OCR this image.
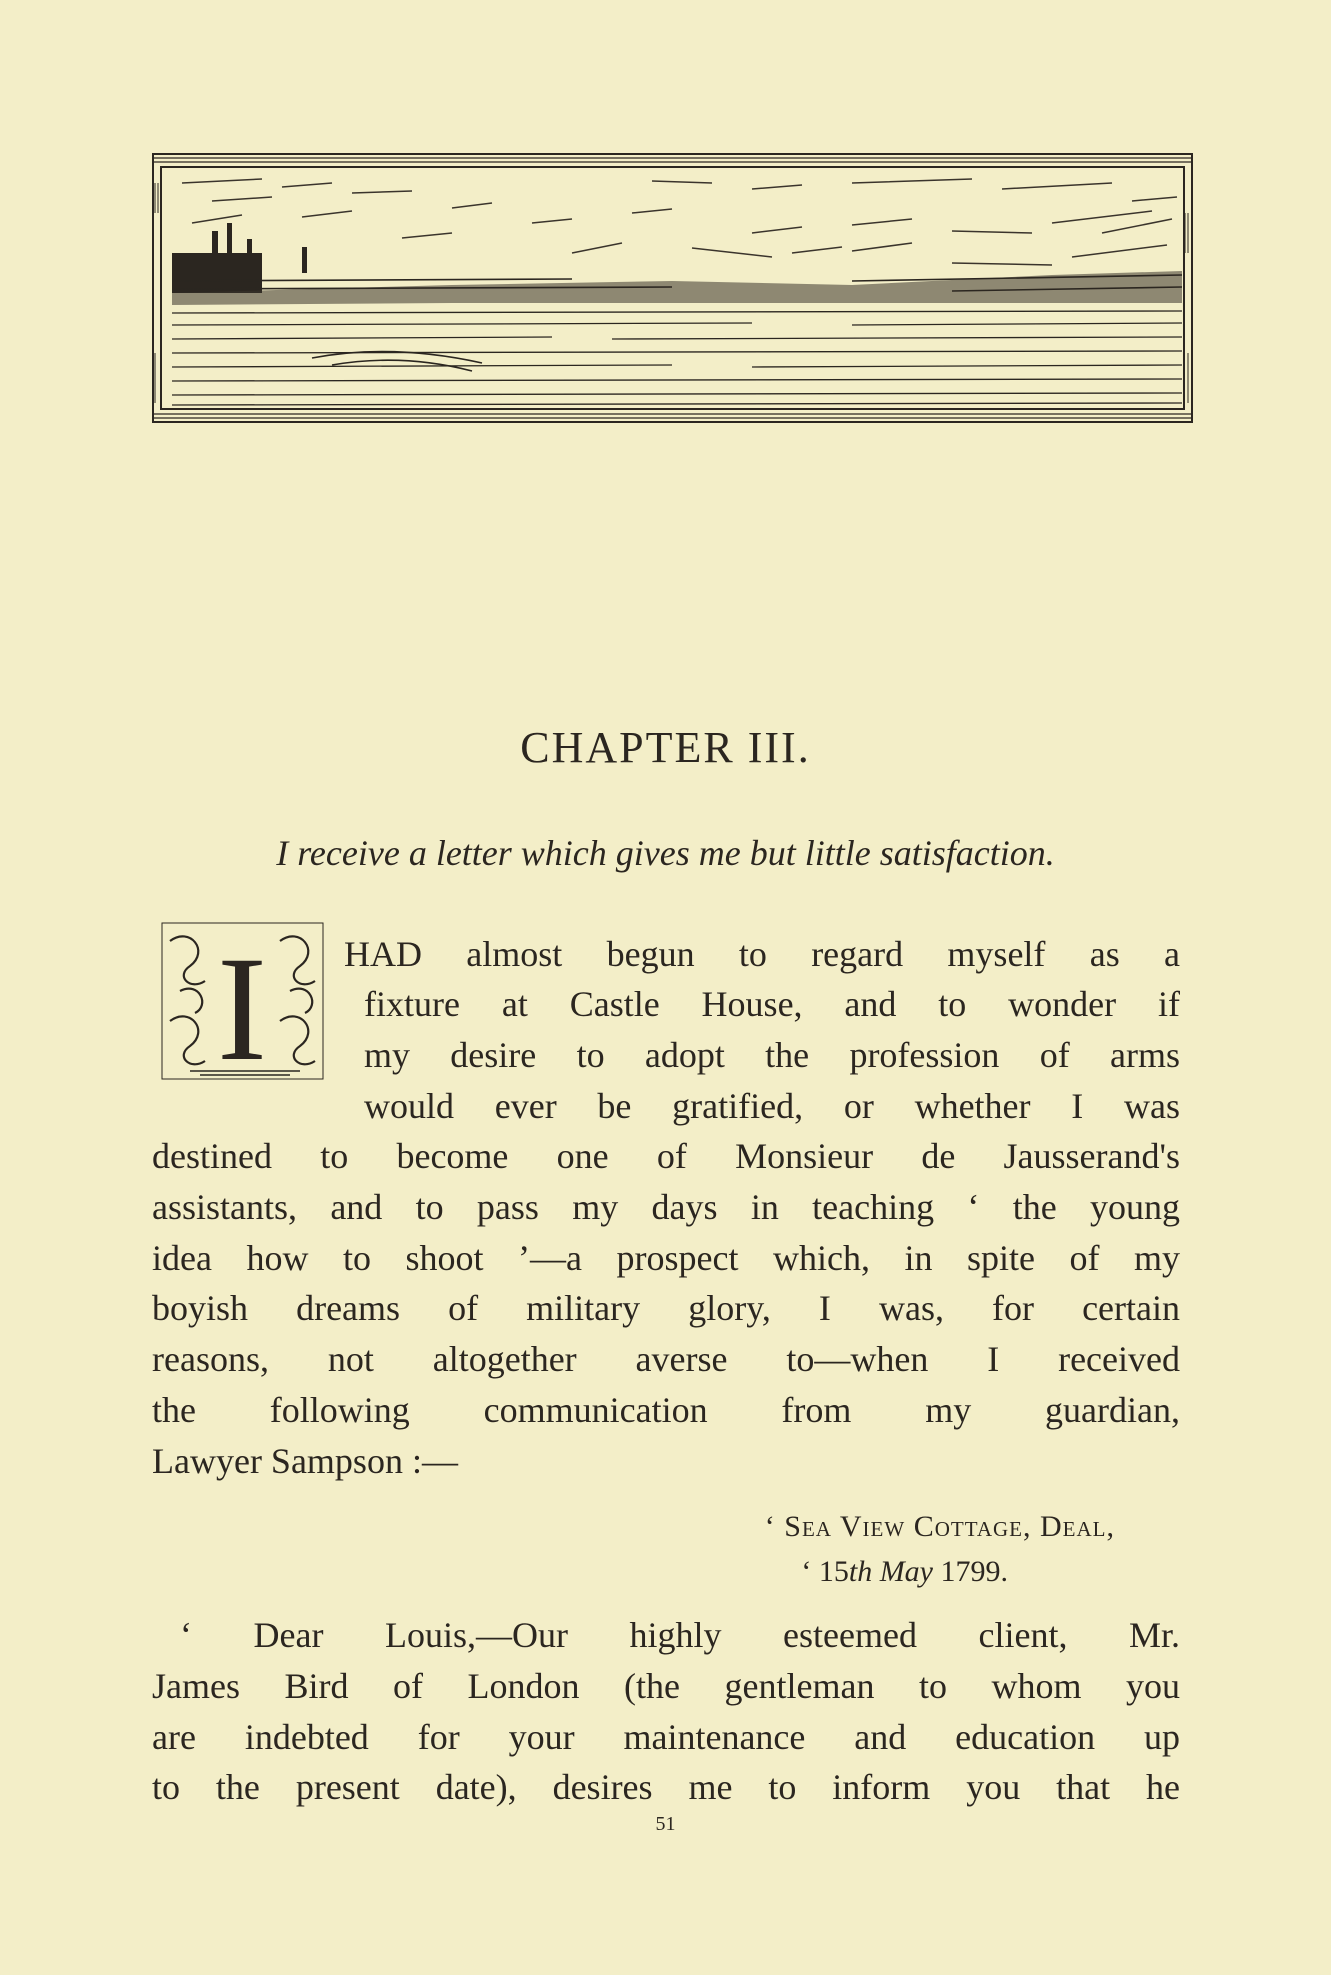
CHAPTER III.
I receive a letter which gives me but little satisfaction.
I HAD almost begun to regard myself as a
fixture at Castle House, and to wonder if
my desire to adopt the profession of arms
would ever be gratified, or whether I was
destined to become one of Monsieur de Jausserand's
assistants, and to pass my days in teaching ‘ the young
idea how to shoot ’—a prospect which, in spite of my
boyish dreams of military glory, I was, for certain
reasons, not altogether averse to—when I received
the following communication from my guardian,
Lawyer Sampson :—
‘ Sea View Cottage, Deal,
‘ 15th May 1799.
‘ Dear Louis,—Our highly esteemed client, Mr.
James Bird of London (the gentleman to whom you
are indebted for your maintenance and education up
to the present date), desires me to inform you that he
51
